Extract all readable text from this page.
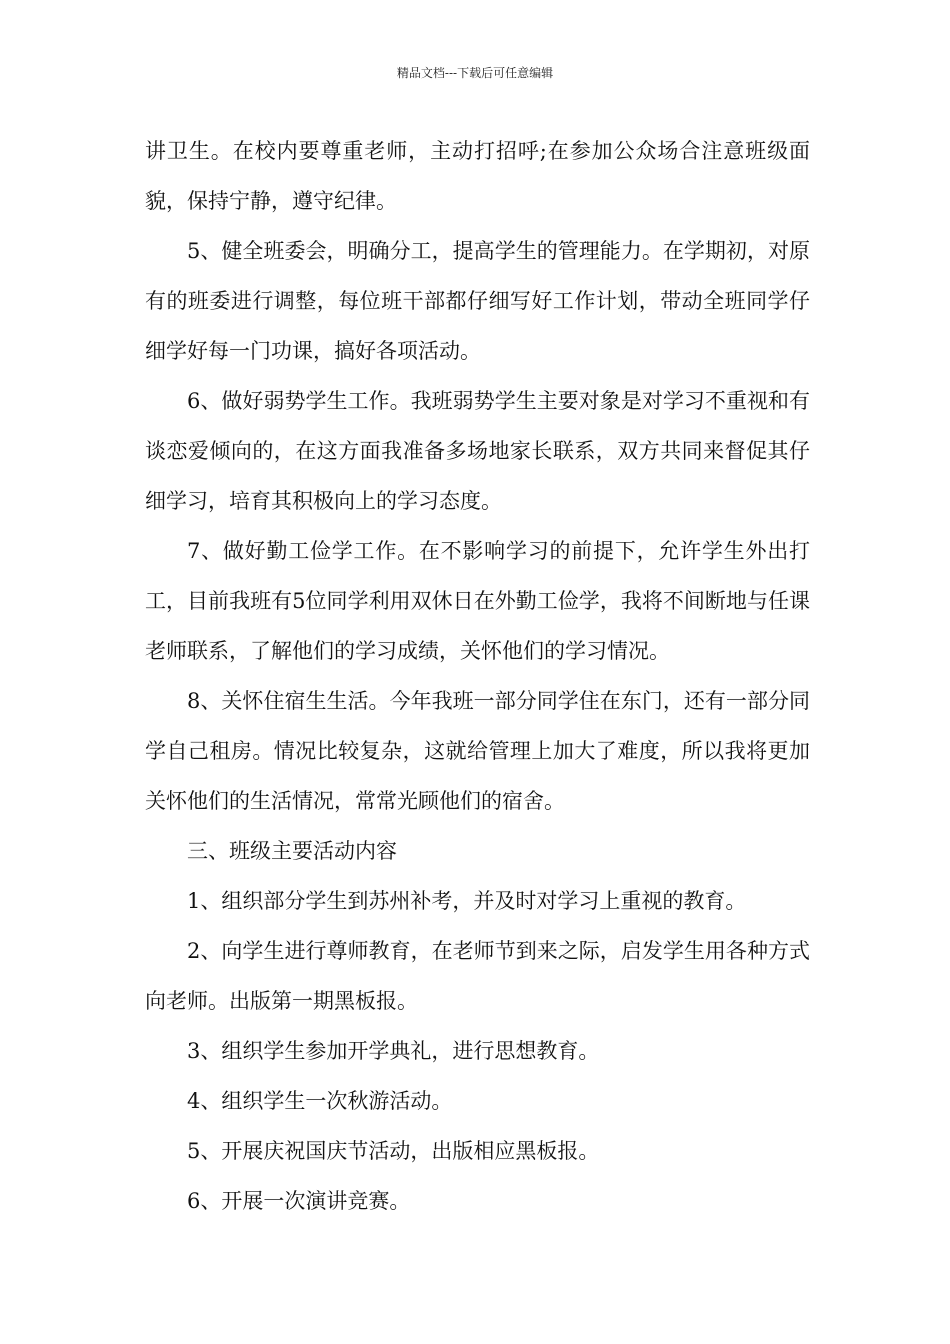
精品文档---下载后可任意编辑

讲卫生。在校内要尊重老师，主动打招呼;在参加公众场合注意班级面貌，保持宁静，遵守纪律。

5、健全班委会，明确分工，提高学生的管理能力。在学期初，对原有的班委进行调整，每位班干部都仔细写好工作计划，带动全班同学仔细学好每一门功课，搞好各项活动。

6、做好弱势学生工作。我班弱势学生主要对象是对学习不重视和有谈恋爱倾向的，在这方面我准备多场地家长联系，双方共同来督促其仔细学习，培育其积极向上的学习态度。

7、做好勤工俭学工作。在不影响学习的前提下，允许学生外出打工，目前我班有5位同学利用双休日在外勤工俭学，我将不间断地与任课老师联系，了解他们的学习成绩，关怀他们的学习情况。

8、关怀住宿生生活。今年我班一部分同学住在东门，还有一部分同学自己租房。情况比较复杂，这就给管理上加大了难度，所以我将更加关怀他们的生活情况，常常光顾他们的宿舍。

三、班级主要活动内容

1、组织部分学生到苏州补考，并及时对学习上重视的教育。

2、向学生进行尊师教育，在老师节到来之际，启发学生用各种方式向老师。出版第一期黑板报。

3、组织学生参加开学典礼，进行思想教育。

4、组织学生一次秋游活动。

5、开展庆祝国庆节活动，出版相应黑板报。

6、开展一次演讲竞赛。
